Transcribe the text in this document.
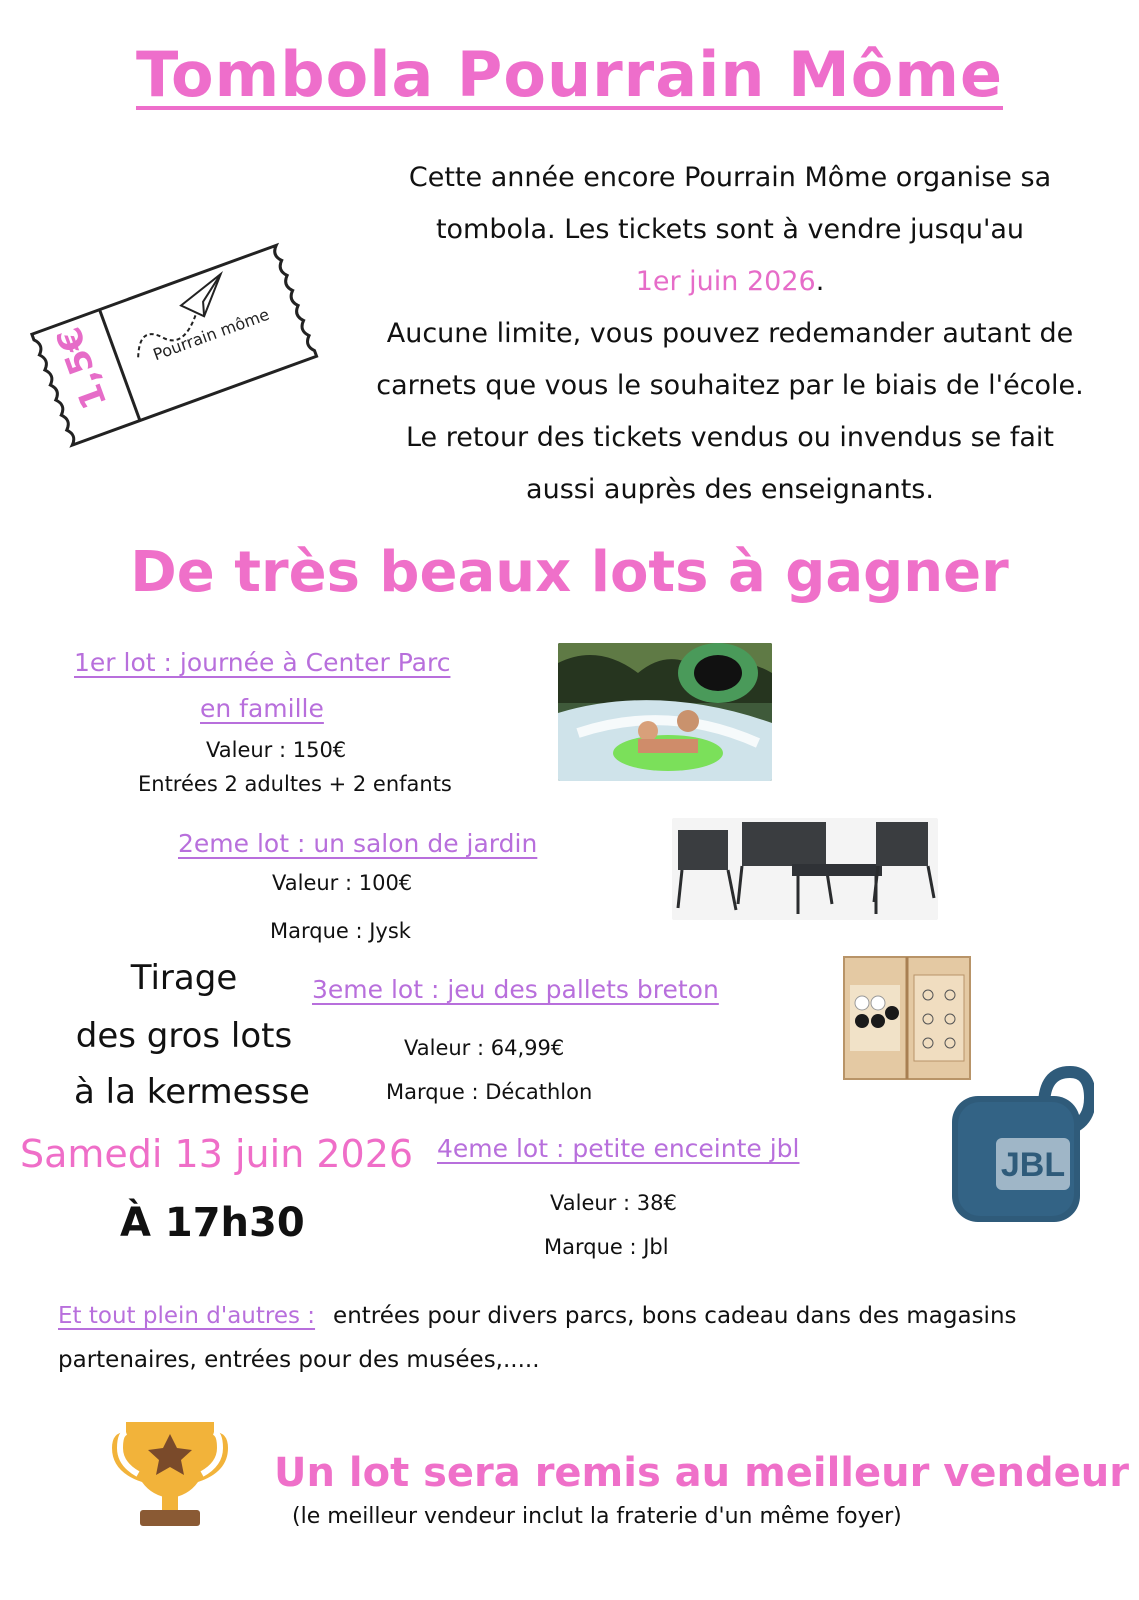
Tombola Pourrain Môme
1,5€ Pourrain môme
Cette année encore Pourrain Môme organise sa
tombola. Les tickets sont à vendre jusqu'au
1er juin 2026.
Aucune limite, vous pouvez redemander autant de
carnets que vous le souhaitez par le biais de l'école.
Le retour des tickets vendus ou invendus se fait
aussi auprès des enseignants.
De très beaux lots à gagner
1er lot : journée à Center Parc
en famille
Valeur : 150€
Entrées 2 adultes + 2 enfants
2eme lot : un salon de jardin
Valeur : 100€
Marque : Jysk
Tirage
des gros lots
à la kermesse
Samedi 13 juin 2026
À 17h30
3eme lot : jeu des pallets breton
Valeur : 64,99€
Marque : Décathlon
4eme lot : petite enceinte jbl
Valeur : 38€
Marque : Jbl
JBL
Et tout plein d'autres : entrées pour divers parcs, bons cadeau dans des magasins partenaires, entrées pour des musées,.....
Un lot sera remis au meilleur vendeur
(le meilleur vendeur inclut la fraterie d'un même foyer)
